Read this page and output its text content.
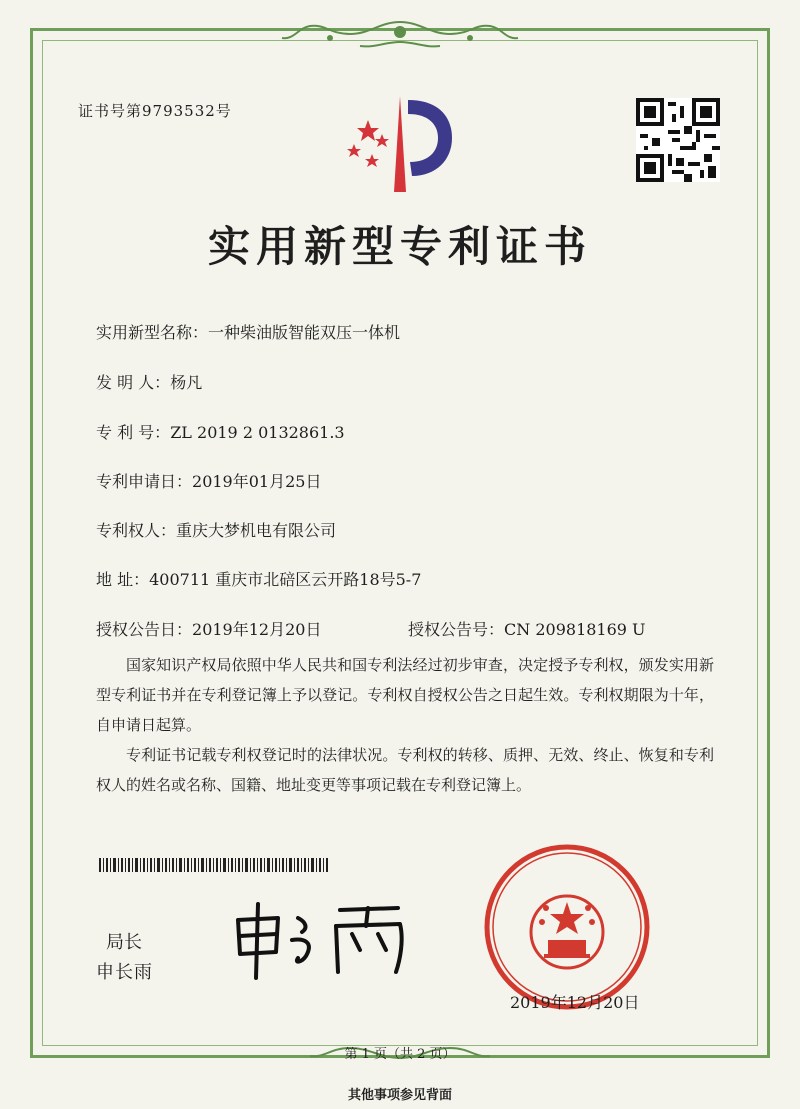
证书号第9793532号
实用新型专利证书
实用新型名称：一种柴油版智能双压一体机
发 明 人：杨凡
专 利 号：ZL 2019 2 0132861.3
专利申请日：2019年01月25日
专利权人：重庆大梦机电有限公司
地 址：400711 重庆市北碚区云开路18号5-7
授权公告日：2019年12月20日	授权公告号：CN 209818169 U
国家知识产权局依照中华人民共和国专利法经过初步审查，决定授予专利权，颁发实用新型专利证书并在专利登记簿上予以登记。专利权自授权公告之日起生效。专利权期限为十年，自申请日起算。
专利证书记载专利权登记时的法律状况。专利权的转移、质押、无效、终止、恢复和专利权人的姓名或名称、国籍、地址变更等事项记载在专利登记簿上。
局长
申长雨
2019年12月20日
第 1 页（共 2 页）
其他事项参见背面
